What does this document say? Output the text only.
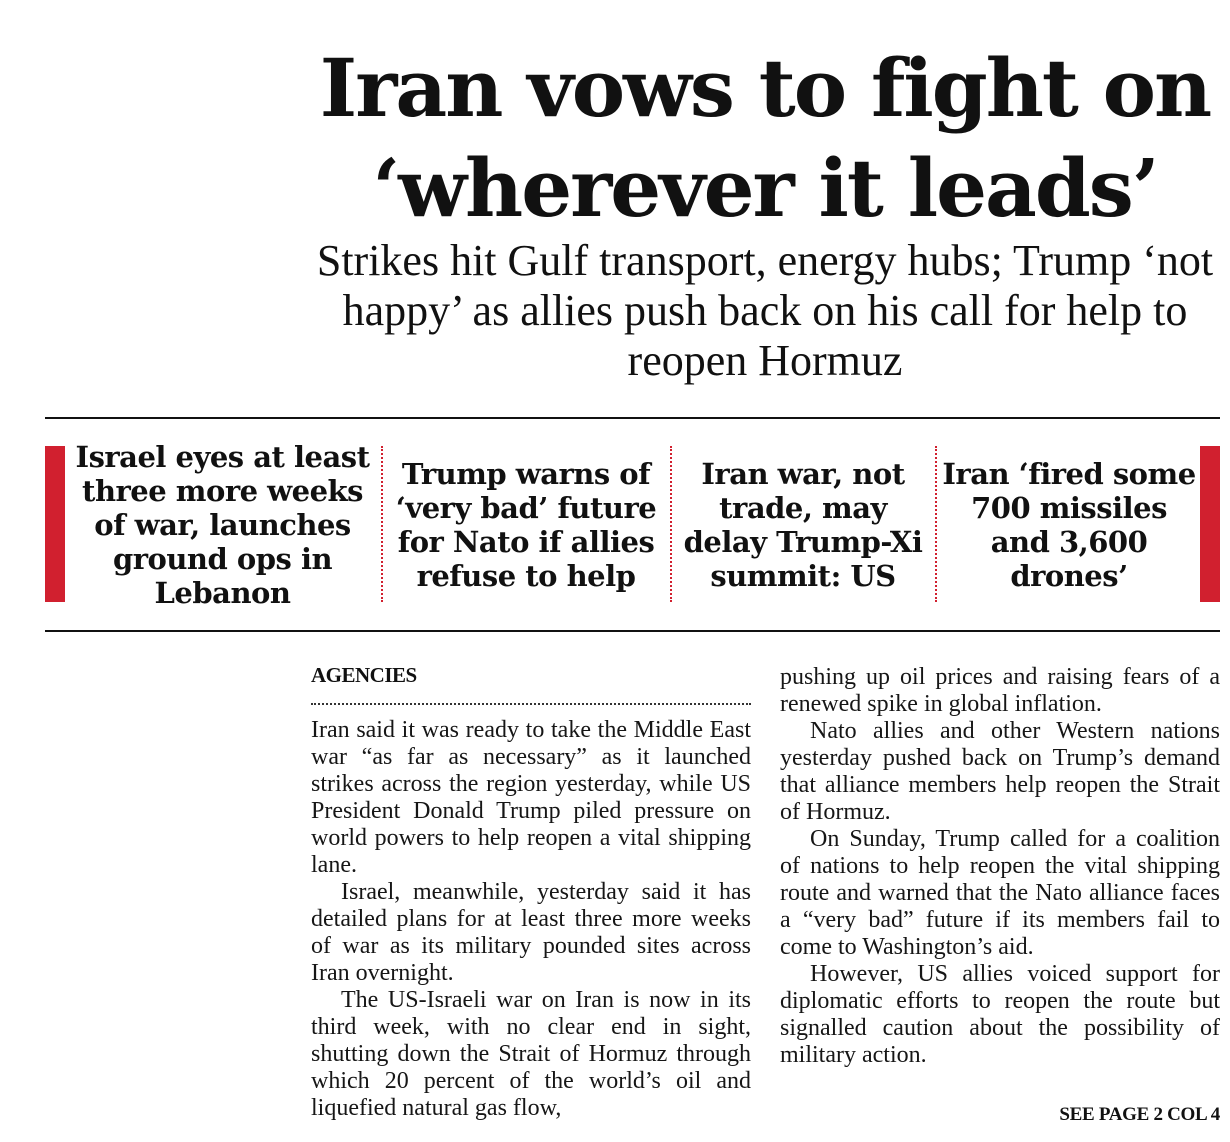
Iran vows to fight on
‘wherever it leads’
Strikes hit Gulf transport, energy hubs; Trump ‘not happy’ as allies push back on his call for help to reopen Hormuz
Israel eyes at least three more weeks of war, launches ground ops in Lebanon
Trump warns of ‘very bad’ future for Nato if allies refuse to help
Iran war, not trade, may delay Trump-Xi summit: US
Iran ‘fired some 700 missiles and 3,600 drones’

AGENCIES

Iran said it was ready to take the Middle East war “as far as necessary” as it launched strikes across the region yesterday, while US President Donald Trump piled pressure on world powers to help reopen a vital shipping lane.

Israel, meanwhile, yesterday said it has detailed plans for at least three more weeks of war as its military pounded sites across Iran overnight.

The US-Israeli war on Iran is now in its third week, with no clear end in sight, shutting down the Strait of Hormuz through which 20 percent of the world’s oil and liquefied natural gas flow,

pushing up oil prices and raising fears of a renewed spike in global inflation.

Nato allies and other Western nations yesterday pushed back on Trump’s demand that alliance members help reopen the Strait of Hormuz.

On Sunday, Trump called for a coalition of nations to help reopen the vital shipping route and warned that the Nato alliance faces a “very bad” future if its members fail to come to Washington’s aid.

However, US allies voiced support for diplomatic efforts to reopen the route but signalled caution about the possibility of military action.

SEE PAGE 2 COL 4
